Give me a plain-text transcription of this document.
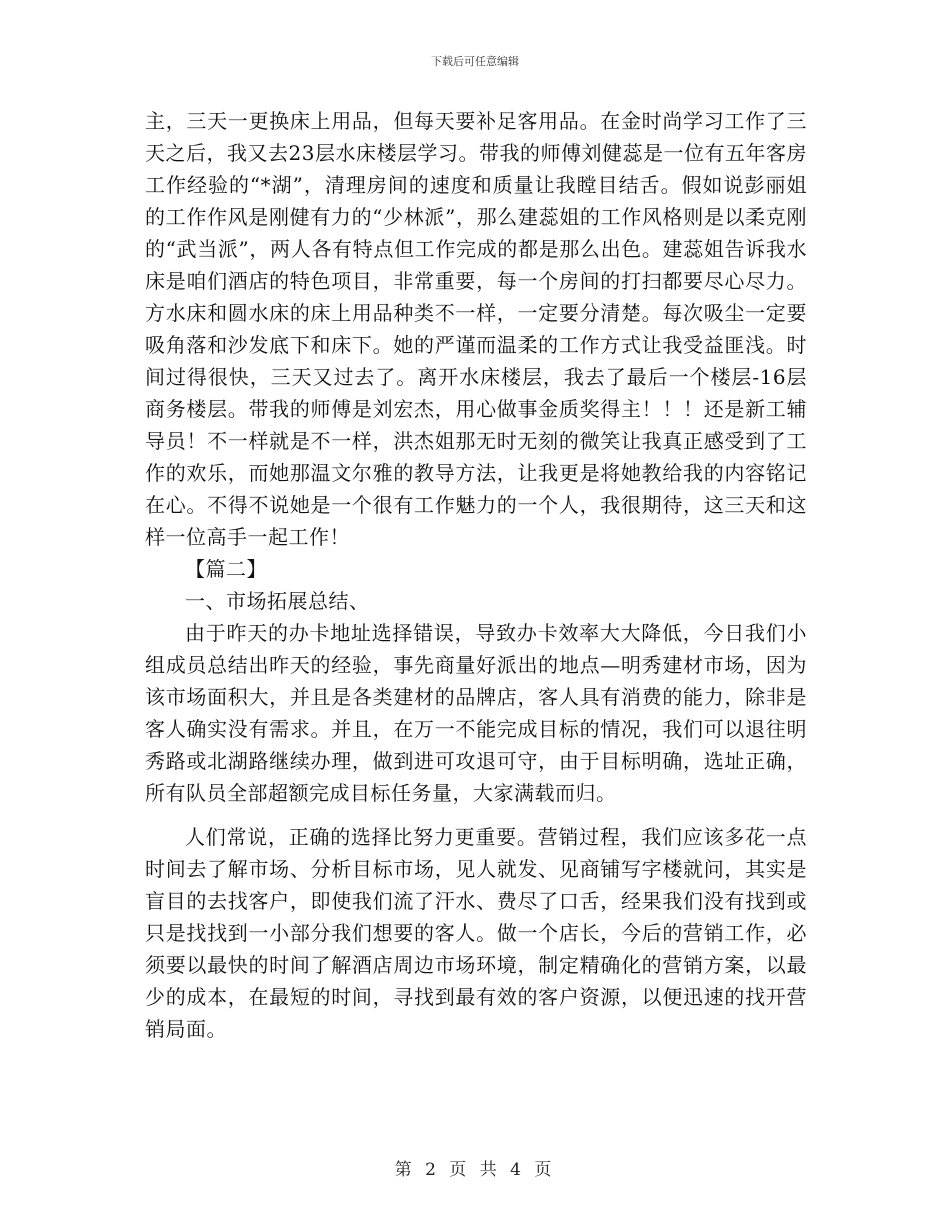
下载后可任意编辑

主，三天一更换床上用品，但每天要补足客用品。在金时尚学习工作了三天之后，我又去23层水床楼层学习。带我的师傅刘健蕊是一位有五年客房工作经验的“*湖”，清理房间的速度和质量让我瞠目结舌。假如说彭丽姐的工作作风是刚健有力的“少林派”，那么建蕊姐的工作风格则是以柔克刚的“武当派”，两人各有特点但工作完成的都是那么出色。建蕊姐告诉我水床是咱们酒店的特色项目，非常重要，每一个房间的打扫都要尽心尽力。方水床和圆水床的床上用品种类不一样，一定要分清楚。每次吸尘一定要吸角落和沙发底下和床下。她的严谨而温柔的工作方式让我受益匪浅。时间过得很快，三天又过去了。离开水床楼层，我去了最后一个楼层-16层商务楼层。带我的师傅是刘宏杰，用心做事金质奖得主！！！还是新工辅导员！不一样就是不一样，洪杰姐那无时无刻的微笑让我真正感受到了工作的欢乐，而她那温文尔雅的教导方法，让我更是将她教给我的内容铭记在心。不得不说她是一个很有工作魅力的一个人，我很期待，这三天和这样一位高手一起工作！

【篇二】

一、市场拓展总结、

由于昨天的办卡地址选择错误，导致办卡效率大大降低，今日我们小组成员总结出昨天的经验，事先商量好派出的地点—明秀建材市场，因为该市场面积大，并且是各类建材的品牌店，客人具有消费的能力，除非是客人确实没有需求。并且，在万一不能完成目标的情况，我们可以退往明秀路或北湖路继续办理，做到进可攻退可守，由于目标明确，选址正确，所有队员全部超额完成目标任务量，大家满载而归。

人们常说，正确的选择比努力更重要。营销过程，我们应该多花一点时间去了解市场、分析目标市场，见人就发、见商铺写字楼就问，其实是盲目的去找客户，即使我们流了汗水、费尽了口舌，经果我们没有找到或只是找找到一小部分我们想要的客人。做一个店长，今后的营销工作，必须要以最快的时间了解酒店周边市场环境，制定精确化的营销方案，以最少的成本，在最短的时间，寻找到最有效的客户资源，以便迅速的找开营销局面。

第 2 页 共 4 页
